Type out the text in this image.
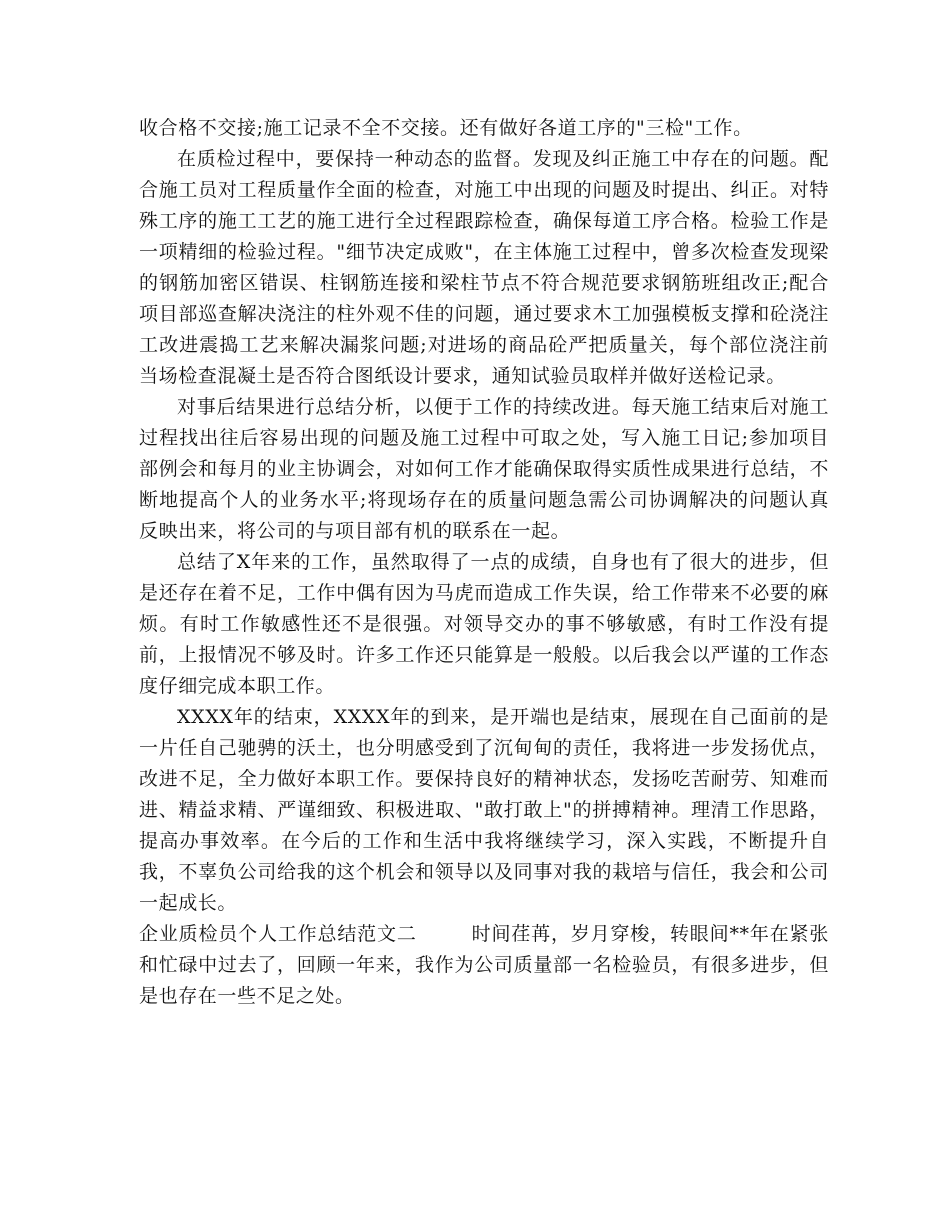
收合格不交接;施工记录不全不交接。还有做好各道工序的"三检"工作。

在质检过程中，要保持一种动态的监督。发现及纠正施工中存在的问题。配合施工员对工程质量作全面的检查，对施工中出现的问题及时提出、纠正。对特殊工序的施工工艺的施工进行全过程跟踪检查，确保每道工序合格。检验工作是一项精细的检验过程。"细节决定成败"，在主体施工过程中，曾多次检查发现梁的钢筋加密区错误、柱钢筋连接和梁柱节点不符合规范要求钢筋班组改正;配合项目部巡查解决浇注的柱外观不佳的问题，通过要求木工加强模板支撑和砼浇注工改进震捣工艺来解决漏浆问题;对进场的商品砼严把质量关，每个部位浇注前当场检查混凝土是否符合图纸设计要求，通知试验员取样并做好送检记录。

对事后结果进行总结分析，以便于工作的持续改进。每天施工结束后对施工过程找出往后容易出现的问题及施工过程中可取之处，写入施工日记;参加项目部例会和每月的业主协调会，对如何工作才能确保取得实质性成果进行总结，不断地提高个人的业务水平;将现场存在的质量问题急需公司协调解决的问题认真反映出来，将公司的与项目部有机的联系在一起。

总结了X年来的工作，虽然取得了一点的成绩，自身也有了很大的进步，但是还存在着不足，工作中偶有因为马虎而造成工作失误，给工作带来不必要的麻烦。有时工作敏感性还不是很强。对领导交办的事不够敏感，有时工作没有提前，上报情况不够及时。许多工作还只能算是一般般。以后我会以严谨的工作态度仔细完成本职工作。

XXXX年的结束，XXXX年的到来，是开端也是结束，展现在自己面前的是一片任自己驰骋的沃土，也分明感受到了沉甸甸的责任，我将进一步发扬优点，改进不足，全力做好本职工作。要保持良好的精神状态，发扬吃苦耐劳、知难而进、精益求精、严谨细致、积极进取、"敢打敢上"的拼搏精神。理清工作思路，提高办事效率。在今后的工作和生活中我将继续学习，深入实践，不断提升自我，不辜负公司给我的这个机会和领导以及同事对我的栽培与信任，我会和公司一起成长。

企业质检员个人工作总结范文二	时间荏苒，岁月穿梭，转眼间**年在紧张和忙碌中过去了，回顾一年来，我作为公司质量部一名检验员，有很多进步，但是也存在一些不足之处。
